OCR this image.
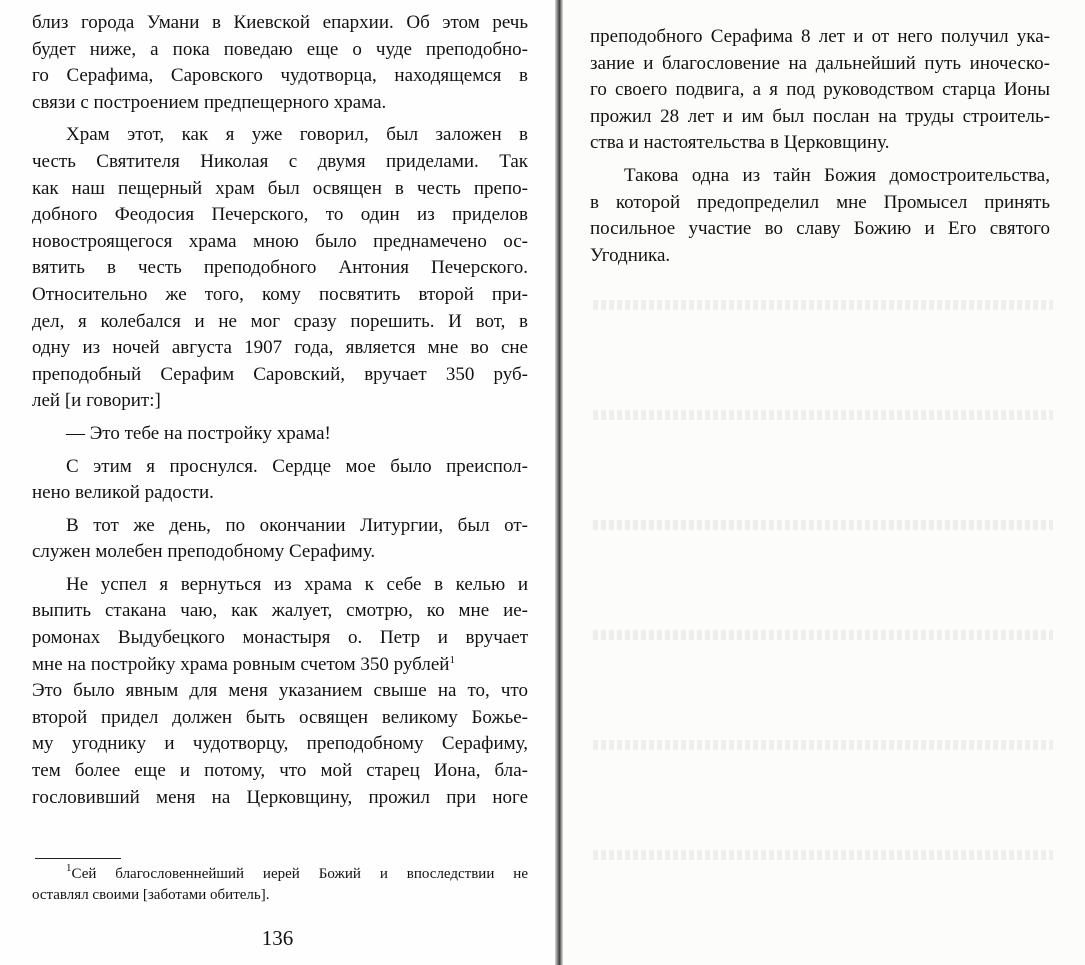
близ города Умани в Киевской епархии. Об этом речь
будет ниже, а пока поведаю еще о чуде преподобно-
го Серафима, Саровского чудотворца, находящемся в
связи с построением предпещерного храма.
Храм этот, как я уже говорил, был заложен в
честь Святителя Николая с двумя приделами. Так
как наш пещерный храм был освящен в честь препо-
добного Феодосия Печерского, то один из приделов
новостроящегося храма мною было преднамечено ос-
вятить в честь преподобного Антония Печерского.
Относительно же того, кому посвятить второй при-
дел, я колебался и не мог сразу порешить. И вот, в
одну из ночей августа 1907 года, является мне во сне
преподобный Серафим Саровский, вручает 350 руб-
лей [и говорит:]
— Это тебе на постройку храма!
С этим я проснулся. Сердце мое было преиспол-
нено великой радости.
В тот же день, по окончании Литургии, был от-
служен молебен преподобному Серафиму.
Не успел я вернуться из храма к себе в келью и
выпить стакана чаю, как жалует, смотрю, ко мне ие-
ромонах Выдубецкого монастыря о. Петр и вручает
мне на постройку храма ровным счетом 350 рублей$^1$
Это было явным для меня указанием свыше на то, что
второй придел должен быть освящен великому Божье-
му угоднику и чудотворцу, преподобному Серафиму,
тем более еще и потому, что мой старец Иона, бла-
гословивший меня на Церковщину, прожил при ноге
$^1$Сей благословеннейший иерей Божий и впоследствии не
оставлял своими [заботами обитель].
136
преподобного Серафима 8 лет и от него получил ука-
зание и благословение на дальнейший путь иноческо-
го своего подвига, а я под руководством старца Ионы
прожил 28 лет и им был послан на труды строитель-
ства и настоятельства в Церковщину.
Такова одна из тайн Божия домостроительства,
в которой предопределил мне Промысел принять
посильное участие во славу Божию и Его святого
Угодника.
